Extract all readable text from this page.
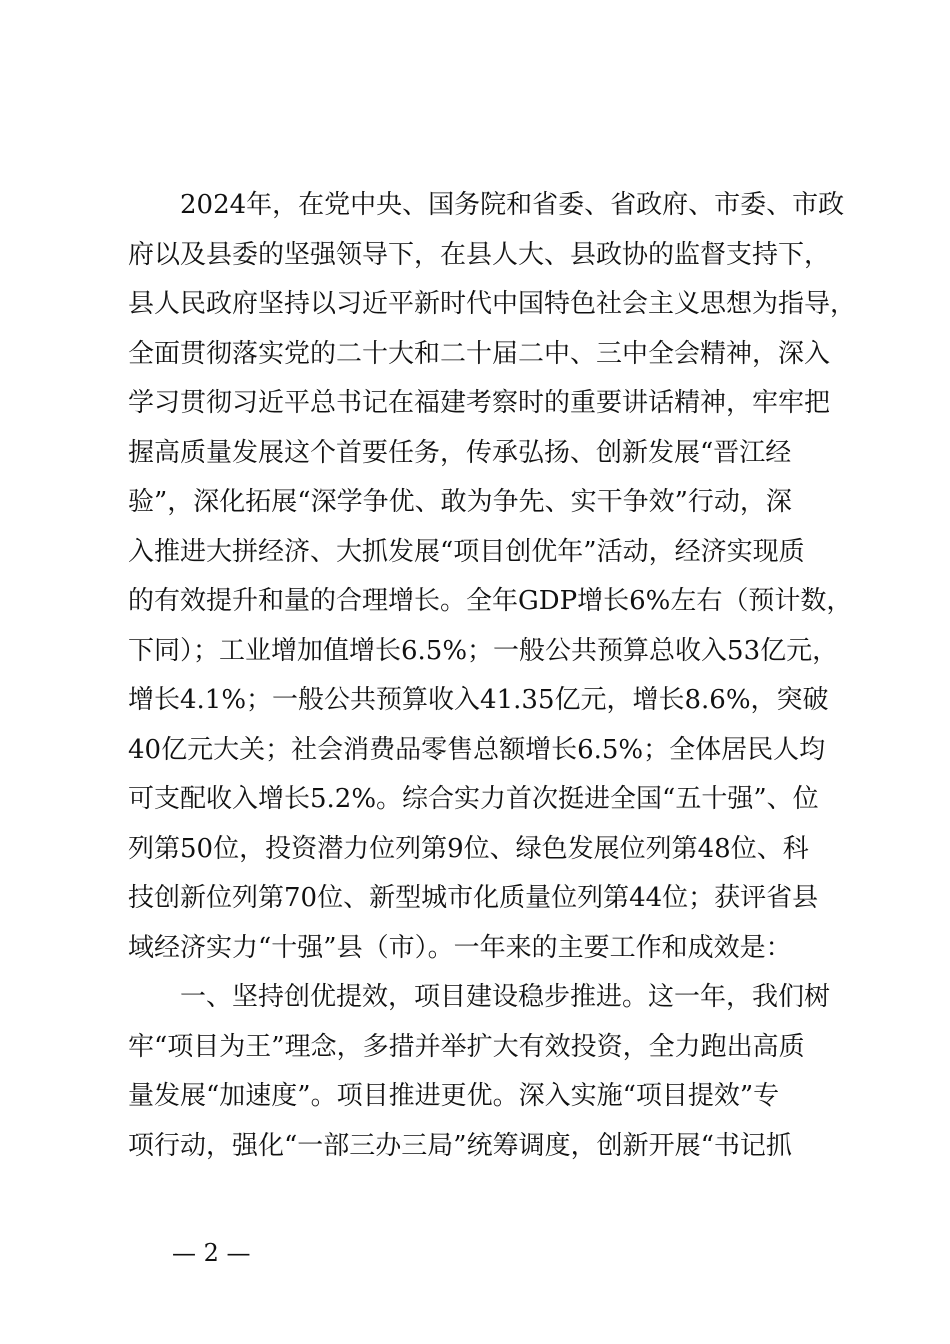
　　2024年，在党中央、国务院和省委、省政府、市委、市政
府以及县委的坚强领导下，在县人大、县政协的监督支持下，
县人民政府坚持以习近平新时代中国特色社会主义思想为指导，
全面贯彻落实党的二十大和二十届二中、三中全会精神，深入
学习贯彻习近平总书记在福建考察时的重要讲话精神，牢牢把
握高质量发展这个首要任务，传承弘扬、创新发展“晋江经
验”，深化拓展“深学争优、敢为争先、实干争效”行动，深
入推进大拼经济、大抓发展“项目创优年”活动，经济实现质
的有效提升和量的合理增长。全年GDP增长6%左右（预计数，
下同）；工业增加值增长6.5%；一般公共预算总收入53亿元，
增长4.1%；一般公共预算收入41.35亿元，增长8.6%，突破
40亿元大关；社会消费品零售总额增长6.5%；全体居民人均
可支配收入增长5.2%。综合实力首次挺进全国“五十强”、位
列第50位，投资潜力位列第9位、绿色发展位列第48位、科
技创新位列第70位、新型城市化质量位列第44位；获评省县
域经济实力“十强”县（市）。一年来的主要工作和成效是：
　　一、坚持创优提效，项目建设稳步推进。这一年，我们树
牢“项目为王”理念，多措并举扩大有效投资，全力跑出高质
量发展“加速度”。项目推进更优。深入实施“项目提效”专
项行动，强化“一部三办三局”统筹调度，创新开展“书记抓
— 2 —
